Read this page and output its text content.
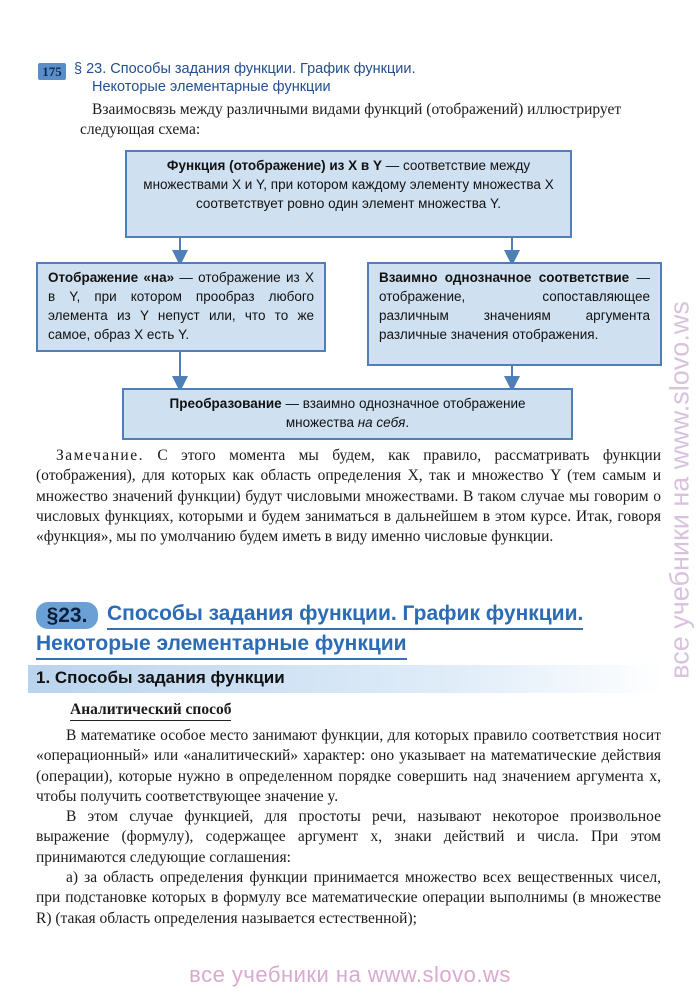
175 § 23. Способы задания функции. График функции.
Некоторые элементарные функции
Взаимосвязь между различными видами функций (отображений) иллюстрирует следующая схема:
Функция (отображение) из X в Y — соответствие между множествами X и Y, при котором каждому элементу множества X соответствует ровно один элемент множества Y.
Отображение «на» — отображение из X в Y, при котором прообраз любого элемента из Y непуст или, что то же самое, образ X есть Y.
Взаимно однозначное соответствие — отображение, сопоставляющее различным значениям аргумента различные значения отображения.
Преобразование — взаимно однозначное отображение множества на себя.
Замечание. С этого момента мы будем, как правило, рассматривать функции (отображения), для которых как область определения X, так и множество Y (тем самым и множество значений функции) будут числовыми множествами. В таком случае мы говорим о числовых функциях, которыми и будем заниматься в дальнейшем в этом курсе. Итак, говоря «функция», мы по умолчанию будем иметь в виду именно числовые функции.
§23. Способы задания функции. График функции.
Некоторые элементарные функции
1. Способы задания функции
Аналитический способ

В математике особое место занимают функции, для которых правило соответствия носит «операционный» или «аналитический» характер: оно указывает на математические действия (операции), которые нужно в определенном порядке совершить над значением аргумента x, чтобы получить соответствующее значение y.

В этом случае функцией, для простоты речи, называют некоторое произвольное выражение (формулу), содержащее аргумент x, знаки действий и числа. При этом принимаются следующие соглашения:

а) за область определения функции принимается множество всех вещественных чисел, при подстановке которых в формулу все математические операции выполнимы (в множестве R) (такая область определения называется естественной);

все учебники на www.slovo.ws
все учебники на www.slovo.ws
